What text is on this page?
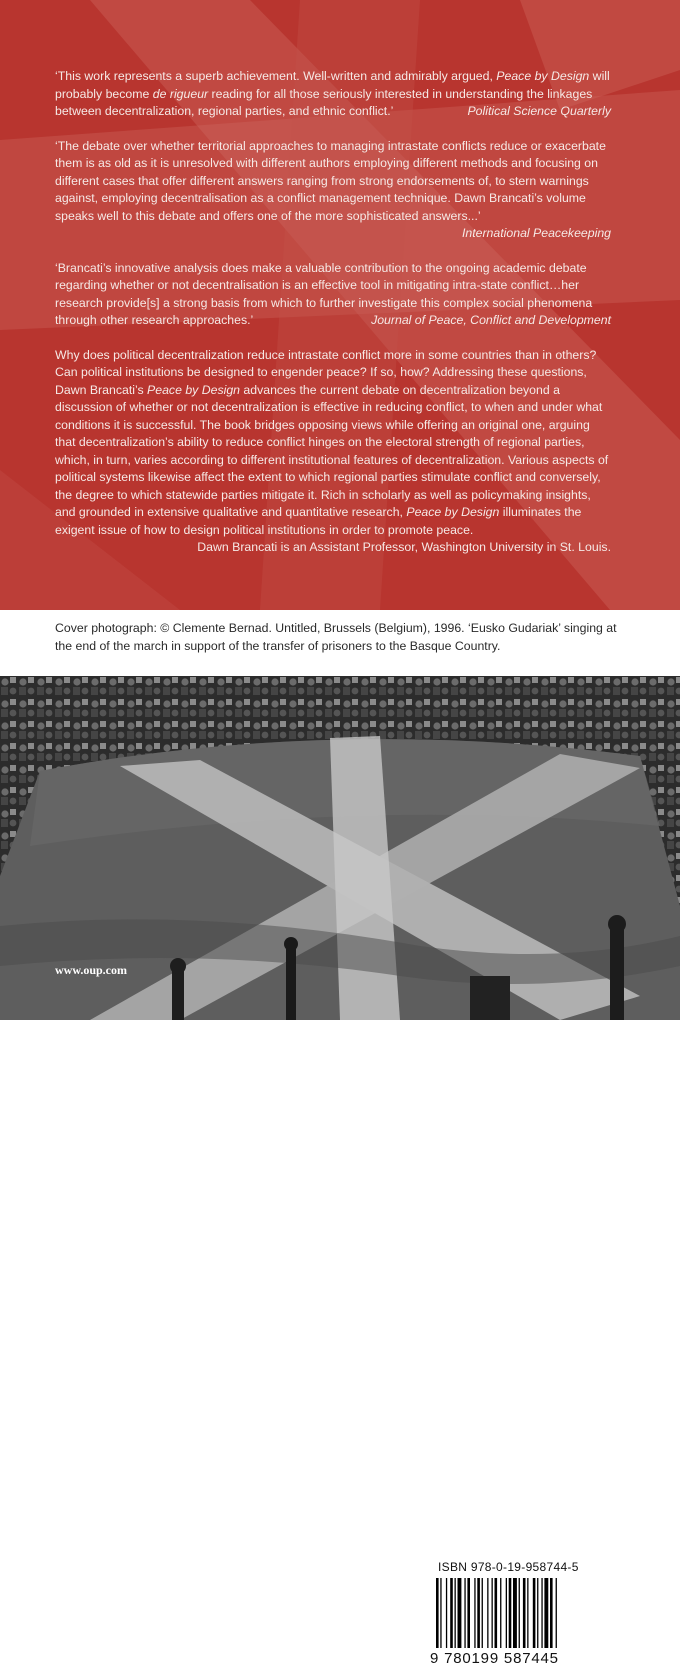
‘This work represents a superb achievement. Well-written and admirably argued, Peace by Design will probably become de rigueur reading for all those seriously interested in understanding the linkages between decentralization, regional parties, and ethnic conflict.’	Political Science Quarterly

‘The debate over whether territorial approaches to managing intrastate conflicts reduce or exacerbate them is as old as it is unresolved with different authors employing different methods and focusing on different cases that offer different answers ranging from strong endorsements of, to stern warnings against, employing decentralisation as a conflict management technique. Dawn Brancati’s volume speaks well to this debate and offers one of the more sophisticated answers...’
International Peacekeeping

‘Brancati’s innovative analysis does make a valuable contribution to the ongoing academic debate regarding whether or not decentralisation is an effective tool in mitigating intra-state conflict…her research provide[s] a strong basis from which to further investigate this complex social phenomena through other research approaches.’	Journal of Peace, Conflict and Development

Why does political decentralization reduce intrastate conflict more in some countries than in others? Can political institutions be designed to engender peace? If so, how? Addressing these questions, Dawn Brancati’s Peace by Design advances the current debate on decentralization beyond a discussion of whether or not decentralization is effective in reducing conflict, to when and under what conditions it is successful. The book bridges opposing views while offering an original one, arguing that decentralization’s ability to reduce conflict hinges on the electoral strength of regional parties, which, in turn, varies according to different institutional features of decentralization. Various aspects of political systems likewise affect the extent to which regional parties stimulate conflict and conversely, the degree to which statewide parties mitigate it. Rich in scholarly as well as policymaking insights, and grounded in extensive qualitative and quantitative research, Peace by Design illuminates the exigent issue of how to design political institutions in order to promote peace.

Dawn Brancati is an Assistant Professor, Washington University in St. Louis.

Cover photograph: © Clemente Bernad. Untitled, Brussels (Belgium), 1996. ‘Eusko Gudariak’ singing at the end of the march in support of the transfer of prisoners to the Basque Country.
OXFORD
UNIVERSITY PRESS
ISBN 978-0-19-958744-5
9 780199 587445
www.oup.com
